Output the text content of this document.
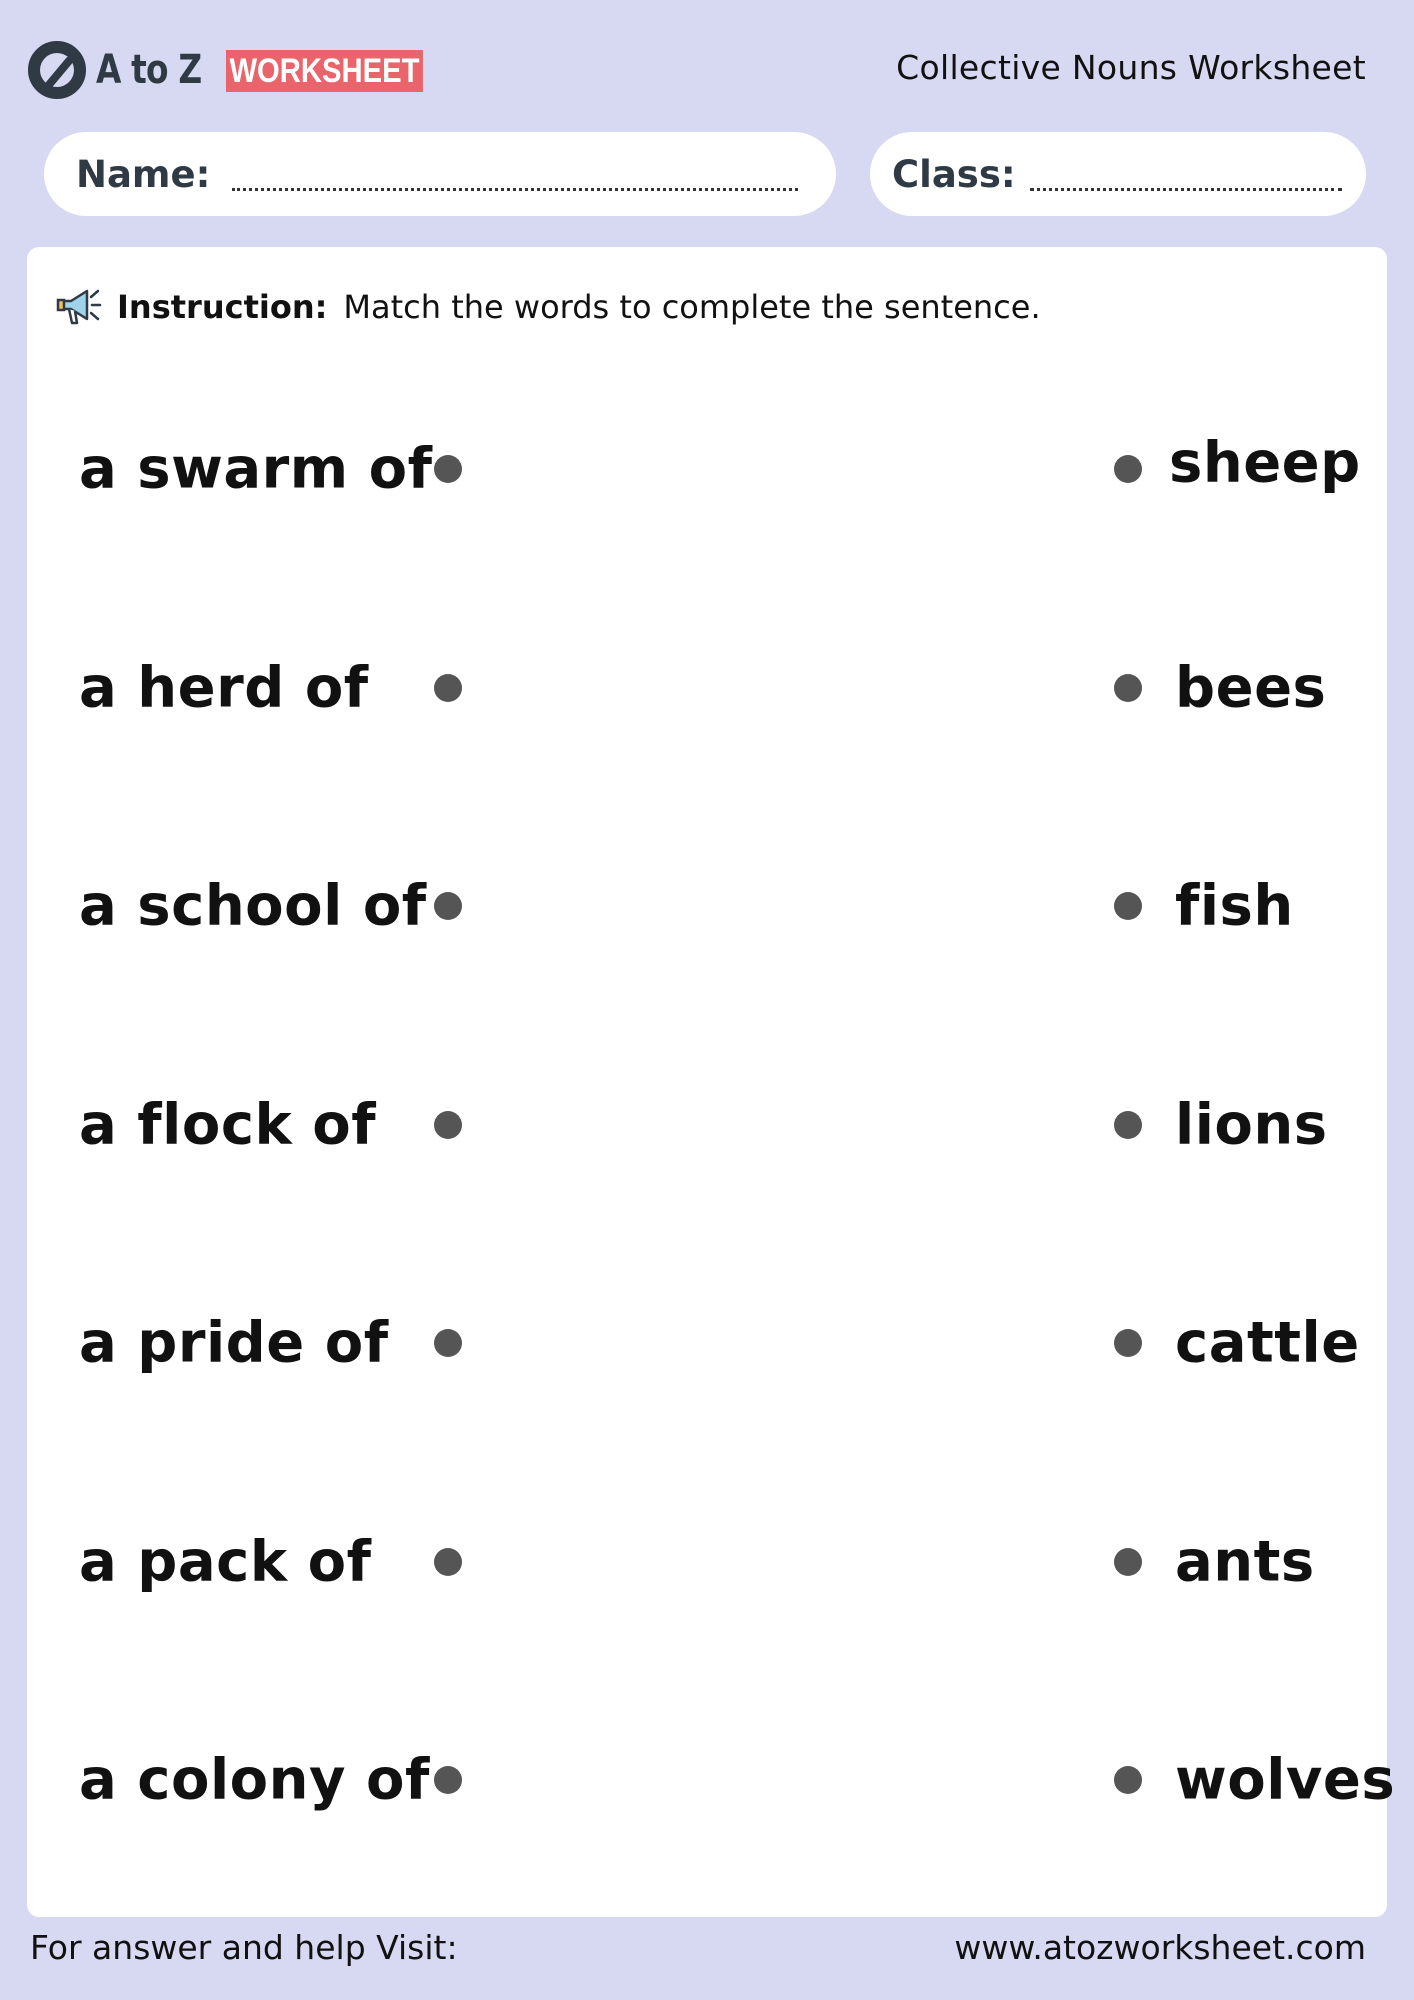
A to Z WORKSHEET	Collective Nouns Worksheet
Name:	Class:
Instruction: Match the words to complete the sentence.
a swarm of	sheep
a herd of	bees
a school of	fish
a flock of	lions
a pride of	cattle
a pack of	ants
a colony of	wolves
For answer and help Visit:	www.atozworksheet.com
